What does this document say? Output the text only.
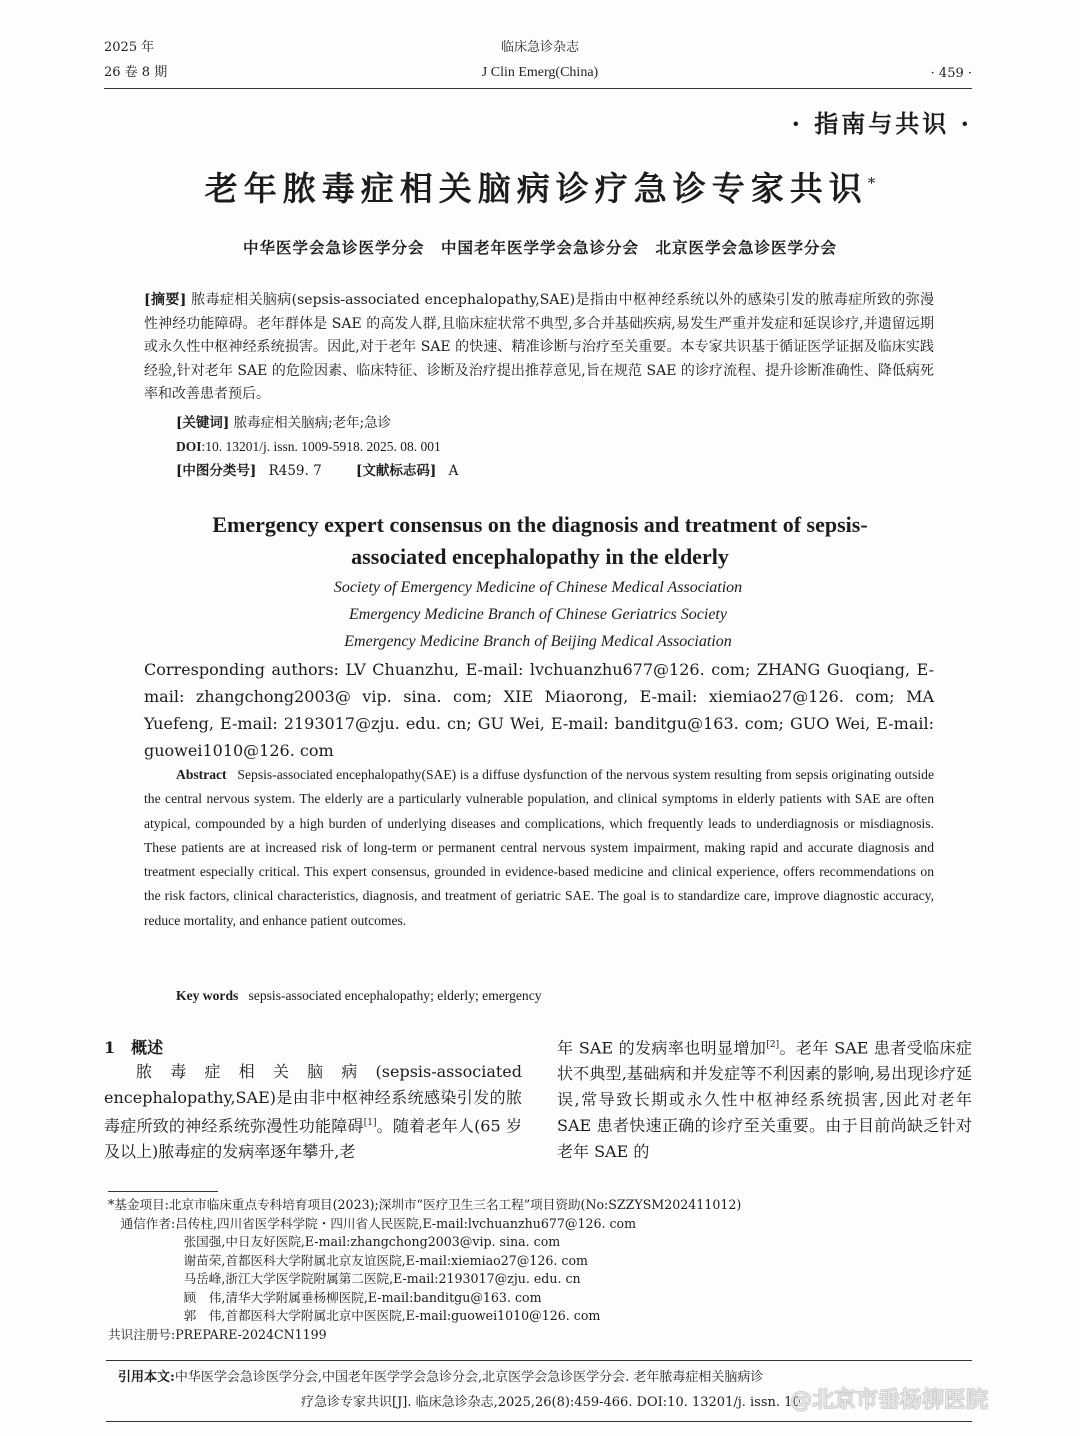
2025 年
26 卷 8 期
临床急诊杂志
J Clin Emerg(China)	· 459 ·
· 指南与共识 ·
老年脓毒症相关脑病诊疗急诊专家共识*
中华医学会急诊医学分会　中国老年医学学会急诊分会　北京医学会急诊医学分会
[摘要] 脓毒症相关脑病(sepsis-associated encephalopathy,SAE)是指由中枢神经系统以外的感染引发的脓毒症所致的弥漫性神经功能障碍。老年群体是 SAE 的高发人群,且临床症状常不典型,多合并基础疾病,易发生严重并发症和延误诊疗,并遗留远期或永久性中枢神经系统损害。因此,对于老年 SAE 的快速、精准诊断与治疗至关重要。本专家共识基于循证医学证据及临床实践经验,针对老年 SAE 的危险因素、临床特征、诊断及治疗提出推荐意见,旨在规范 SAE 的诊疗流程、提升诊断准确性、降低病死率和改善患者预后。
[关键词] 脓毒症相关脑病;老年;急诊
DOI:10. 13201/j. issn. 1009-5918. 2025. 08. 001
[中图分类号] R459. 7	[文献标志码] A
Emergency expert consensus on the diagnosis and treatment of sepsis-associated encephalopathy in the elderly
Society of Emergency Medicine of Chinese Medical Association
Emergency Medicine Branch of Chinese Geriatrics Society
Emergency Medicine Branch of Beijing Medical Association
Corresponding authors: LV Chuanzhu, E-mail: lvchuanzhu677@126. com; ZHANG Guoqiang, E-mail: zhangchong2003@ vip. sina. com; XIE Miaorong, E-mail: xiemiao27@126. com; MA Yuefeng, E-mail: 2193017@zju. edu. cn; GU Wei, E-mail: banditgu@163. com; GUO Wei, E-mail: guowei1010@126. com
Abstract Sepsis-associated encephalopathy(SAE) is a diffuse dysfunction of the nervous system resulting from sepsis originating outside the central nervous system. The elderly are a particularly vulnerable population, and clinical symptoms in elderly patients with SAE are often atypical, compounded by a high burden of underlying diseases and complications, which frequently leads to underdiagnosis or misdiagnosis. These patients are at increased risk of long-term or permanent central nervous system impairment, making rapid and accurate diagnosis and treatment especially critical. This expert consensus, grounded in evidence-based medicine and clinical experience, offers recommendations on the risk factors, clinical characteristics, diagnosis, and treatment of geriatric SAE. The goal is to standardize care, improve diagnostic accuracy, reduce mortality, and enhance patient outcomes.
Key words sepsis-associated encephalopathy; elderly; emergency
1　概述
脓毒症相关脑病(sepsis-associated encephalopathy,SAE)是由非中枢神经系统感染引发的脓毒症所致的神经系统弥漫性功能障碍[1]。随着老年人(65 岁及以上)脓毒症的发病率逐年攀升,老
年 SAE 的发病率也明显增加[2]。老年 SAE 患者受临床症状不典型,基础病和并发症等不利因素的影响,易出现诊疗延误,常导致长期或永久性中枢神经系统损害,因此对老年 SAE 患者快速正确的诊疗至关重要。由于目前尚缺乏针对老年 SAE 的
*基金项目:北京市临床重点专科培育项目(2023);深圳市“医疗卫生三名工程”项目资助(No:SZZYSM202411012)
　通信作者:吕传柱,四川省医学科学院・四川省人民医院,E-mail:lvchuanzhu677@126. com
　　　　　　张国强,中日友好医院,E-mail:zhangchong2003@vip. sina. com
　　　　　　谢苗荣,首都医科大学附属北京友谊医院,E-mail:xiemiao27@126. com
　　　　　　马岳峰,浙江大学医学院附属第二医院,E-mail:2193017@zju. edu. cn
　　　　　　顾　伟,清华大学附属垂杨柳医院,E-mail:banditgu@163. com
　　　　　　郭　伟,首都医科大学附属北京中医医院,E-mail:guowei1010@126. com
共识注册号:PREPARE-2024CN1199
引用本文:中华医学会急诊医学分会,中国老年医学学会急诊分会,北京医学会急诊医学分会. 老年脓毒症相关脑病诊
疗急诊专家共识[J]. 临床急诊杂志,2025,26(8):459-466. DOI:10. 13201/j. issn. 10
@北京市垂杨柳医院
